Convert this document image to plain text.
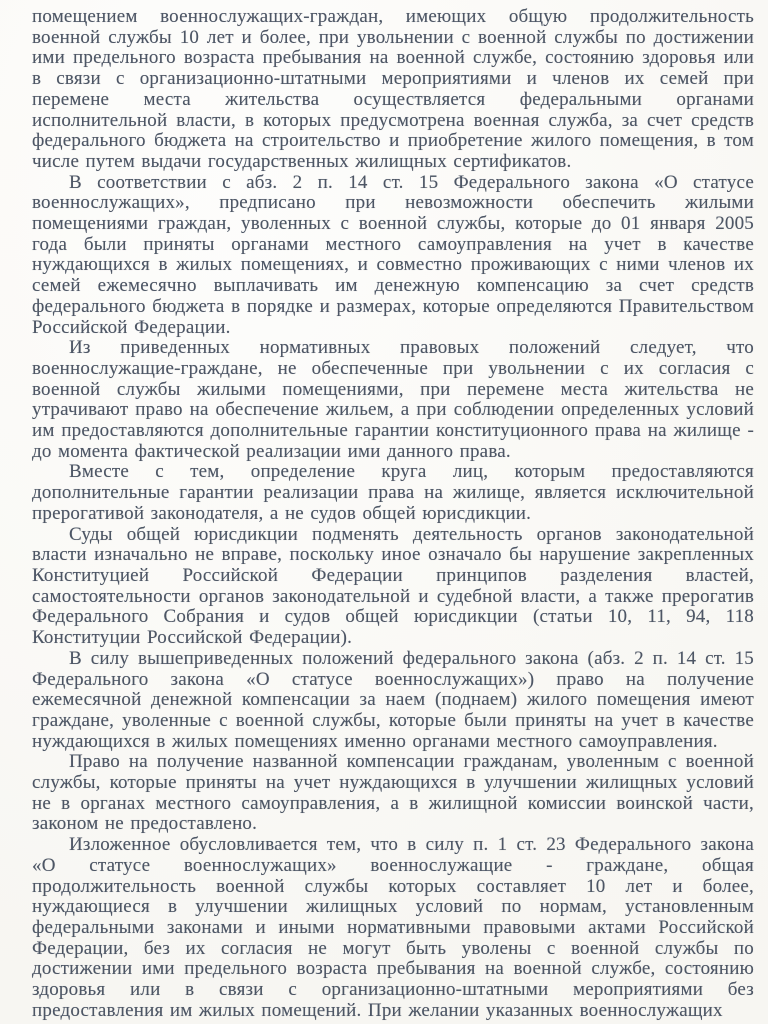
помещением военнослужащих-граждан, имеющих общую продолжительность военной службы 10 лет и более, при увольнении с военной службы по достижении ими предельного возраста пребывания на военной службе, состоянию здоровья или в связи с организационно-штатными мероприятиями и членов их семей при перемене места жительства осуществляется федеральными органами исполнительной власти, в которых предусмотрена военная служба, за счет средств федерального бюджета на строительство и приобретение жилого помещения, в том числе путем выдачи государственных жилищных сертификатов.

В соответствии с абз. 2 п. 14 ст. 15 Федерального закона «О статусе военнослужащих», предписано при невозможности обеспечить жилыми помещениями граждан, уволенных с военной службы, которые до 01 января 2005 года были приняты органами местного самоуправления на учет в качестве нуждающихся в жилых помещениях, и совместно проживающих с ними членов их семей ежемесячно выплачивать им денежную компенсацию за счет средств федерального бюджета в порядке и размерах, которые определяются Правительством Российской Федерации.

Из приведенных нормативных правовых положений следует, что военнослужащие-граждане, не обеспеченные при увольнении с их согласия с военной службы жилыми помещениями, при перемене места жительства не утрачивают право на обеспечение жильем, а при соблюдении определенных условий им предоставляются дополнительные гарантии конституционного права на жилище - до момента фактической реализации ими данного права.

Вместе с тем, определение круга лиц, которым предоставляются дополнительные гарантии реализации права на жилище, является исключительной прерогативой законодателя, а не судов общей юрисдикции.

Суды общей юрисдикции подменять деятельность органов законодательной власти изначально не вправе, поскольку иное означало бы нарушение закрепленных Конституцией Российской Федерации принципов разделения властей, самостоятельности органов законодательной и судебной власти, а также прерогатив Федерального Собрания и судов общей юрисдикции (статьи 10, 11, 94, 118 Конституции Российской Федерации).

В силу вышеприведенных положений федерального закона (абз. 2 п. 14 ст. 15 Федерального закона «О статусе военнослужащих») право на получение ежемесячной денежной компенсации за наем (поднаем) жилого помещения имеют граждане, уволенные с военной службы, которые были приняты на учет в качестве нуждающихся в жилых помещениях именно органами местного самоуправления.

Право на получение названной компенсации гражданам, уволенным с военной службы, которые приняты на учет нуждающихся в улучшении жилищных условий не в органах местного самоуправления, а в жилищной комиссии воинской части, законом не предоставлено.

Изложенное обусловливается тем, что в силу п. 1 ст. 23 Федерального закона «О статусе военнослужащих» военнослужащие - граждане, общая продолжительность военной службы которых составляет 10 лет и более, нуждающиеся в улучшении жилищных условий по нормам, установленным федеральными законами и иными нормативными правовыми актами Российской Федерации, без их согласия не могут быть уволены с военной службы по достижении ими предельного возраста пребывания на военной службе, состоянию здоровья или в связи с организационно-штатными мероприятиями без предоставления им жилых помещений. При желании указанных военнослужащих
